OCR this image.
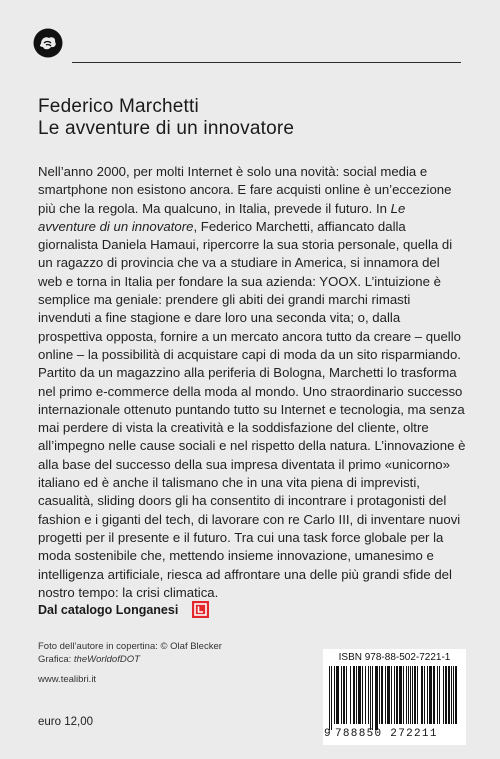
Federico Marchetti
Le avventure di un innovatore

Nell’anno 2000, per molti Internet è solo una novità: social media e smartphone non esistono ancora. E fare acquisti online è un’eccezione più che la regola. Ma qualcuno, in Italia, prevede il futuro. In Le avventure di un innovatore, Federico Marchetti, affiancato dalla giornalista Daniela Hamaui, ripercorre la sua storia personale, quella di un ragazzo di provincia che va a studiare in America, si innamora del web e torna in Italia per fondare la sua azienda: YOOX. L’intuizione è semplice ma geniale: prendere gli abiti dei grandi marchi rimasti invenduti a fine stagione e dare loro una seconda vita; o, dalla prospettiva opposta, fornire a un mercato ancora tutto da creare – quello online – la possibilità di acquistare capi di moda da un sito risparmiando. Partito da un magazzino alla periferia di Bologna, Marchetti lo trasforma nel primo e-commerce della moda al mondo. Uno straordinario successo internazionale ottenuto puntando tutto su Internet e tecnologia, ma senza mai perdere di vista la creatività e la soddisfazione del cliente, oltre all’impegno nelle cause sociali e nel rispetto della natura. L’innovazione è alla base del successo della sua impresa diventata il primo «unicorno» italiano ed è anche il talismano che in una vita piena di imprevisti, casualità, sliding doors gli ha consentito di incontrare i protagonisti del fashion e i giganti del tech, di lavorare con re Carlo III, di inventare nuovi progetti per il presente e il futuro. Tra cui una task force globale per la moda sostenibile che, mettendo insieme innovazione, umanesimo e intelligenza artificiale, riesca ad affrontare una delle più grandi sfide del nostro tempo: la crisi climatica.

Dal catalogo Longanesi
Foto dell’autore in copertina: © Olaf Blecker
Grafica: theWorldofDOT
www.tealibri.it
euro 12,00
ISBN 978-88-502-7221-1
9 788850 272211
